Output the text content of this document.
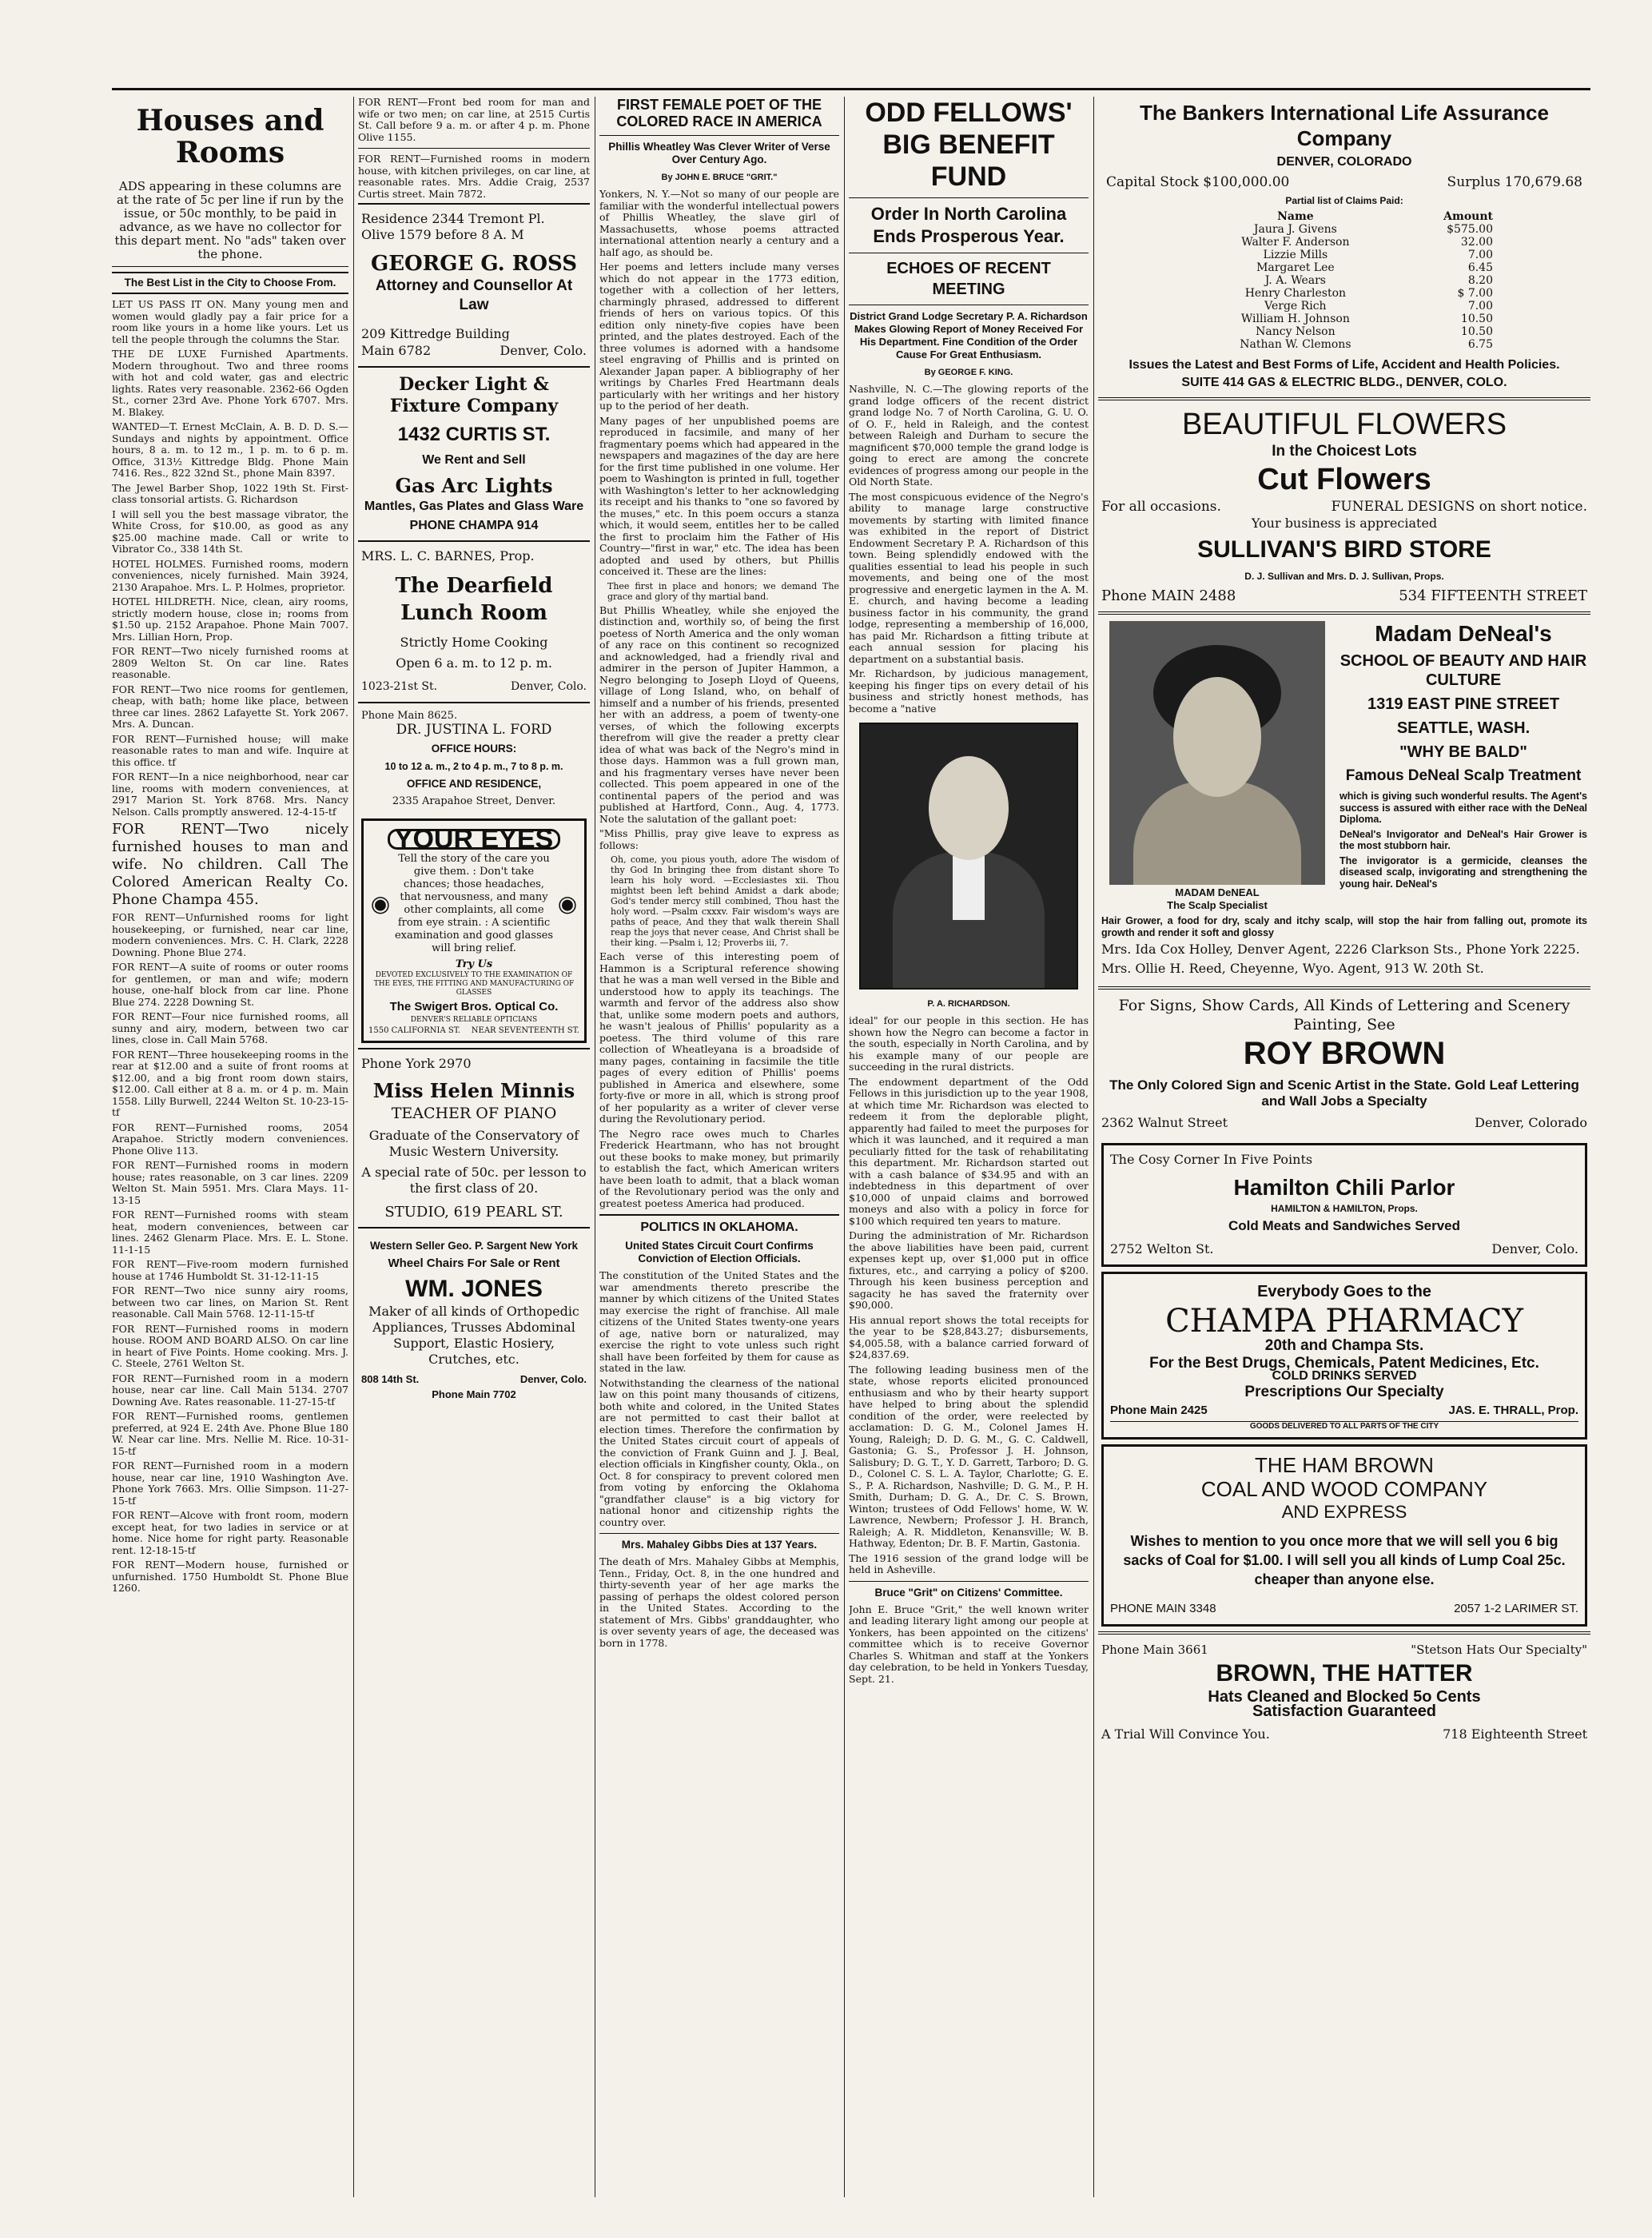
Houses and Rooms

ADS appearing in these columns are at the rate of 5c per line if run by the issue, or 50c monthly, to be paid in advance, as we have no collector for this depart ment. No "ads" taken over the phone.

The Best List in the City to Choose From.

LET US PASS IT ON. Many young men and women would gladly pay a fair price for a room like yours in a home like yours. Let us tell the people through the columns the Star.

THE DE LUXE Furnished Apartments. Modern throughout. Two and three rooms with hot and cold water, gas and electric lights. Rates very reasonable. 2362-66 Ogden St., corner 23rd Ave. Phone York 6707. Mrs. M. Blakey.

WANTED—T. Ernest McClain, A. B. D. D. S.—Sundays and nights by appointment. Office hours, 8 a. m. to 12 m., 1 p. m. to 6 p. m. Office, 313½ Kittredge Bldg. Phone Main 7416. Res., 822 32nd St., phone Main 8397.

The Jewel Barber Shop, 1022 19th St. First-class tonsorial artists. G. Richardson

I will sell you the best massage vibrator, the White Cross, for $10.00, as good as any $25.00 machine made. Call or write to Vibrator Co., 338 14th St.

HOTEL HOLMES. Furnished rooms, modern conveniences, nicely furnished. Main 3924, 2130 Arapahoe. Mrs. L. P. Holmes, proprietor.

HOTEL HILDRETH. Nice, clean, airy rooms, strictly modern house, close in; rooms from $1.50 up. 2152 Arapahoe. Phone Main 7007. Mrs. Lillian Horn, Prop.

FOR RENT—Two nicely furnished rooms at 2809 Welton St. On car line. Rates reasonable.

FOR RENT—Two nice rooms for gentlemen, cheap, with bath; home like place, between three car lines. 2862 Lafayette St. York 2067. Mrs. A. Duncan.

FOR RENT—Furnished house; will make reasonable rates to man and wife. Inquire at this office. tf

FOR RENT—In a nice neighborhood, near car line, rooms with modern conveniences, at 2917 Marion St. York 8768. Mrs. Nancy Nelson. Calls promptly answered. 12-4-15-tf

FOR RENT—Two nicely furnished houses to man and wife. No children. Call The Colored American Realty Co. Phone Champa 455.

FOR RENT—Unfurnished rooms for light housekeeping, or furnished, near car line, modern conveniences. Mrs. C. H. Clark, 2228 Downing. Phone Blue 274.

FOR RENT—A suite of rooms or outer rooms for gentlemen, or man and wife; modern house, one-half block from car line. Phone Blue 274. 2228 Downing St.

FOR RENT—Four nice furnished rooms, all sunny and airy, modern, between two car lines, close in. Call Main 5768.

FOR RENT—Three housekeeping rooms in the rear at $12.00 and a suite of front rooms at $12.00, and a big front room down stairs, $12.00. Call either at 8 a. m. or 4 p. m. Main 1558. Lilly Burwell, 2244 Welton St. 10-23-15-tf

FOR RENT—Furnished rooms, 2054 Arapahoe. Strictly modern conveniences. Phone Olive 113.

FOR RENT—Furnished rooms in modern house; rates reasonable, on 3 car lines. 2209 Welton St. Main 5951. Mrs. Clara Mays. 11-13-15

FOR RENT—Furnished rooms with steam heat, modern conveniences, between car lines. 2462 Glenarm Place. Mrs. E. L. Stone. 11-1-15

FOR RENT—Five-room modern furnished house at 1746 Humboldt St. 31-12-11-15

FOR RENT—Two nice sunny airy rooms, between two car lines, on Marion St. Rent reasonable. Call Main 5768. 12-11-15-tf

FOR RENT—Furnished rooms in modern house. ROOM AND BOARD ALSO. On car line in heart of Five Points. Home cooking. Mrs. J. C. Steele, 2761 Welton St.

FOR RENT—Furnished room in a modern house, near car line. Call Main 5134. 2707 Downing Ave. Rates reasonable. 11-27-15-tf

FOR RENT—Furnished rooms, gentlemen preferred, at 924 E. 24th Ave. Phone Blue 180 W. Near car line. Mrs. Nellie M. Rice. 10-31-15-tf

FOR RENT—Furnished room in a modern house, near car line, 1910 Washington Ave. Phone York 7663. Mrs. Ollie Simpson. 11-27-15-tf

FOR RENT—Alcove with front room, modern except heat, for two ladies in service or at home. Nice home for right party. Reasonable rent. 12-18-15-tf

FOR RENT—Modern house, furnished or unfurnished. 1750 Humboldt St. Phone Blue 1260.

FOR RENT—Front bed room for man and wife or two men; on car line, at 2515 Curtis St. Call before 9 a. m. or after 4 p. m. Phone Olive 1155.

FOR RENT—Furnished rooms in modern house, with kitchen privileges, on car line, at reasonable rates. Mrs. Addie Craig, 2537 Curtis street. Main 7872.

Residence 2344 Tremont Pl.
Olive 1579 before 8 A. M
GEORGE G. ROSS
Attorney and Counsellor At Law
209 Kittredge Building
Main 6782	Denver, Colo.
Decker Light & Fixture Company
1432 CURTIS ST.
We Rent and Sell
Gas Arc Lights
Mantles, Gas Plates and Glass Ware
PHONE CHAMPA 914
MRS. L. C. BARNES, Prop.
The Dearfield Lunch Room
Strictly Home Cooking
Open 6 a. m. to 12 p. m.
1023-21st St.	Denver, Colo.
Phone Main 8625.
DR. JUSTINA L. FORD
OFFICE HOURS:
10 to 12 a. m., 2 to 4 p. m., 7 to 8 p. m.
OFFICE AND RESIDENCE,
2335 Arapahoe Street, Denver.
YOUR EYES
◉
Tell the story of the care you give them. : Don't take chances; those headaches, that nervousness, and many other complaints, all come from eye strain. : A scientific examination and good glasses will bring relief.
◉
Try Us
DEVOTED EXCLUSIVELY TO THE EXAMINATION OF THE EYES, THE FITTING AND MANUFACTURING OF GLASSES
The Swigert Bros. Optical Co.
DENVER'S RELIABLE OPTICIANS
1550 CALIFORNIA ST. NEAR SEVENTEENTH ST.
Phone York 2970
Miss Helen Minnis
TEACHER OF PIANO
Graduate of the Conservatory of Music Western University.
A special rate of 50c. per lesson to the first class of 20.
STUDIO, 619 PEARL ST.
Western Seller Geo. P. Sargent New York
Wheel Chairs For Sale or Rent
WM. JONES
Maker of all kinds of Orthopedic Appliances, Trusses Abdominal Support, Elastic Hosiery, Crutches, etc.
808 14th St.	Denver, Colo.
Phone Main 7702
FIRST FEMALE POET OF THE COLORED RACE IN AMERICA
Phillis Wheatley Was Clever Writer of Verse Over Century Ago.
By JOHN E. BRUCE "GRIT."

Yonkers, N. Y.—Not so many of our people are familiar with the wonderful intellectual powers of Phillis Wheatley, the slave girl of Massachusetts, whose poems attracted international attention nearly a century and a half ago, as should be.

Her poems and letters include many verses which do not appear in the 1773 edition, together with a collection of her letters, charmingly phrased, addressed to different friends of hers on various topics. Of this edition only ninety-five copies have been printed, and the plates destroyed. Each of the three volumes is adorned with a handsome steel engraving of Phillis and is printed on Alexander Japan paper. A bibliography of her writings by Charles Fred Heartmann deals particularly with her writings and her history up to the period of her death.

Many pages of her unpublished poems are reproduced in facsimile, and many of her fragmentary poems which had appeared in the newspapers and magazines of the day are here for the first time published in one volume. Her poem to Washington is printed in full, together with Washington's letter to her acknowledging its receipt and his thanks to "one so favored by the muses," etc. In this poem occurs a stanza which, it would seem, entitles her to be called the first to proclaim him the Father of His Country—"first in war," etc. The idea has been adopted and used by others, but Phillis conceived it. These are the lines:

Thee first in place and honors; we demand The grace and glory of thy martial band.

But Phillis Wheatley, while she enjoyed the distinction and, worthily so, of being the first poetess of North America and the only woman of any race on this continent so recognized and acknowledged, had a friendly rival and admirer in the person of Jupiter Hammon, a Negro belonging to Joseph Lloyd of Queens, village of Long Island, who, on behalf of himself and a number of his friends, presented her with an address, a poem of twenty-one verses, of which the following excerpts therefrom will give the reader a pretty clear idea of what was back of the Negro's mind in those days. Hammon was a full grown man, and his fragmentary verses have never been collected. This poem appeared in one of the continental papers of the period and was published at Hartford, Conn., Aug. 4, 1773. Note the salutation of the gallant poet:

"Miss Phillis, pray give leave to express as follows:

Oh, come, you pious youth, adore The wisdom of thy God In bringing thee from distant shore To learn his holy word. —Ecclesiastes xii. Thou mightst been left behind Amidst a dark abode; God's tender mercy still combined, Thou hast the holy word. —Psalm cxxxv. Fair wisdom's ways are paths of peace, And they that walk therein Shall reap the joys that never cease, And Christ shall be their king. —Psalm i, 12; Proverbs iii, 7.

Each verse of this interesting poem of Hammon is a Scriptural reference showing that he was a man well versed in the Bible and understood how to apply its teachings. The warmth and fervor of the address also show that, unlike some modern poets and authors, he wasn't jealous of Phillis' popularity as a poetess. The third volume of this rare collection of Wheatleyana is a broadside of many pages, containing in facsimile the title pages of every edition of Phillis' poems published in America and elsewhere, some forty-five or more in all, which is strong proof of her popularity as a writer of clever verse during the Revolutionary period.

The Negro race owes much to Charles Frederick Heartmann, who has not brought out these books to make money, but primarily to establish the fact, which American writers have been loath to admit, that a black woman of the Revolutionary period was the only and greatest poetess America had produced.

POLITICS IN OKLAHOMA.
United States Circuit Court Confirms Conviction of Election Officials.

The constitution of the United States and the war amendments thereto prescribe the manner by which citizens of the United States may exercise the right of franchise. All male citizens of the United States twenty-one years of age, native born or naturalized, may exercise the right to vote unless such right shall have been forfeited by them for cause as stated in the law.

Notwithstanding the clearness of the national law on this point many thousands of citizens, both white and colored, in the United States are not permitted to cast their ballot at election times. Therefore the confirmation by the United States circuit court of appeals of the conviction of Frank Guinn and J. J. Beal, election officials in Kingfisher county, Okla., on Oct. 8 for conspiracy to prevent colored men from voting by enforcing the Oklahoma "grandfather clause" is a big victory for national honor and citizenship rights the country over.

Mrs. Mahaley Gibbs Dies at 137 Years.

The death of Mrs. Mahaley Gibbs at Memphis, Tenn., Friday, Oct. 8, in the one hundred and thirty-seventh year of her age marks the passing of perhaps the oldest colored person in the United States. According to the statement of Mrs. Gibbs' granddaughter, who is over seventy years of age, the deceased was born in 1778.

ODD FELLOWS' BIG BENEFIT FUND
Order In North Carolina Ends Prosperous Year.
ECHOES OF RECENT MEETING
District Grand Lodge Secretary P. A. Richardson Makes Glowing Report of Money Received For His Department. Fine Condition of the Order Cause For Great Enthusiasm.
By GEORGE F. KING.

Nashville, N. C.—The glowing reports of the grand lodge officers of the recent district grand lodge No. 7 of North Carolina, G. U. O. of O. F., held in Raleigh, and the contest between Raleigh and Durham to secure the magnificent $70,000 temple the grand lodge is going to erect are among the concrete evidences of progress among our people in the Old North State.

The most conspicuous evidence of the Negro's ability to manage large constructive movements by starting with limited finance was exhibited in the report of District Endowment Secretary P. A. Richardson of this town. Being splendidly endowed with the qualities essential to lead his people in such movements, and being one of the most progressive and energetic laymen in the A. M. E. church, and having become a leading business factor in his community, the grand lodge, representing a membership of 16,000, has paid Mr. Richardson a fitting tribute at each annual session for placing his department on a substantial basis.

Mr. Richardson, by judicious management, keeping his finger tips on every detail of his business and strictly honest methods, has become a "native

P. A. RICHARDSON.

ideal" for our people in this section. He has shown how the Negro can become a factor in the south, especially in North Carolina, and by his example many of our people are succeeding in the rural districts.

The endowment department of the Odd Fellows in this jurisdiction up to the year 1908, at which time Mr. Richardson was elected to redeem it from the deplorable plight, apparently had failed to meet the purposes for which it was launched, and it required a man peculiarly fitted for the task of rehabilitating this department. Mr. Richardson started out with a cash balance of $34.95 and with an indebtedness in this department of over $10,000 of unpaid claims and borrowed moneys and also with a policy in force for $100 which required ten years to mature.

During the administration of Mr. Richardson the above liabilities have been paid, current expenses kept up, over $1,000 put in office fixtures, etc., and carrying a policy of $200. Through his keen business perception and sagacity he has saved the fraternity over $90,000.

His annual report shows the total receipts for the year to be $28,843.27; disbursements, $4,005.58, with a balance carried forward of $24,837.69.

The following leading business men of the state, whose reports elicited pronounced enthusiasm and who by their hearty support have helped to bring about the splendid condition of the order, were reelected by acclamation: D. G. M., Colonel James H. Young, Raleigh; D. D. G. M., G. C. Caldwell, Gastonia; G. S., Professor J. H. Johnson, Salisbury; D. G. T., Y. D. Garrett, Tarboro; D. G. D., Colonel C. S. L. A. Taylor, Charlotte; G. E. S., P. A. Richardson, Nashville; D. G. M., P. H. Smith, Durham; D. G. A., Dr. C. S. Brown, Winton; trustees of Odd Fellows' home, W. W. Lawrence, Newbern; Professor J. H. Branch, Raleigh; A. R. Middleton, Kenansville; W. B. Hathway, Edenton; Dr. B. F. Martin, Gastonia.

The 1916 session of the grand lodge will be held in Asheville.

Bruce "Grit" on Citizens' Committee.

John E. Bruce "Grit," the well known writer and leading literary light among our people at Yonkers, has been appointed on the citizens' committee which is to receive Governor Charles S. Whitman and staff at the Yonkers day celebration, to be held in Yonkers Tuesday, Sept. 21.

The Bankers International Life Assurance Company
DENVER, COLORADO
Capital Stock $100,000.00	Surplus 170,679.68
Partial list of Claims Paid:
Name	Amount
Jaura J. Givens	$575.00
Walter F. Anderson	32.00
Lizzie Mills	7.00
Margaret Lee	6.45
J. A. Wears	8.20
Henry Charleston	$ 7.00
Verge Rich	7.00
William H. Johnson	10.50
Nancy Nelson	10.50
Nathan W. Clemons	6.75
Issues the Latest and Best Forms of Life, Accident and Health Policies.
SUITE 414 GAS & ELECTRIC BLDG., DENVER, COLO.
BEAUTIFUL FLOWERS
In the Choicest Lots
Cut Flowers
For all occasions.	FUNERAL DESIGNS on short notice.
Your business is appreciated
SULLIVAN'S BIRD STORE
D. J. Sullivan and Mrs. D. J. Sullivan, Props.
Phone MAIN 2488	534 FIFTEENTH STREET
MADAM DeNEAL
The Scalp Specialist
Madam DeNeal's
SCHOOL OF BEAUTY AND HAIR CULTURE
1319 EAST PINE STREET
SEATTLE, WASH.
"WHY BE BALD"
Famous DeNeal Scalp Treatment

which is giving such wonderful results. The Agent's success is assured with either race with the DeNeal Diploma.

DeNeal's Invigorator and DeNeal's Hair Grower is the most stubborn hair.

The invigorator is a germicide, cleanses the diseased scalp, invigorating and strengthening the young hair. DeNeal's

Hair Grower, a food for dry, scaly and itchy scalp, will stop the hair from falling out, promote its growth and render it soft and glossy

Mrs. Ida Cox Holley, Denver Agent, 2226 Clarkson Sts., Phone York 2225.

Mrs. Ollie H. Reed, Cheyenne, Wyo. Agent, 913 W. 20th St.

For Signs, Show Cards, All Kinds of Lettering and Scenery Painting, See
ROY BROWN
The Only Colored Sign and Scenic Artist in the State. Gold Leaf Lettering and Wall Jobs a Specialty
2362 Walnut Street	Denver, Colorado
The Cosy Corner In Five Points
Hamilton Chili Parlor
HAMILTON & HAMILTON, Props.
Cold Meats and Sandwiches Served
2752 Welton St.	Denver, Colo.
Everybody Goes to the
CHAMPA PHARMACY
20th and Champa Sts.
For the Best Drugs, Chemicals, Patent Medicines, Etc.
COLD DRINKS SERVED
Prescriptions Our Specialty
Phone Main 2425	JAS. E. THRALL, Prop.
GOODS DELIVERED TO ALL PARTS OF THE CITY
THE HAM BROWN
COAL AND WOOD COMPANY
AND EXPRESS
Wishes to mention to you once more that we will sell you 6 big sacks of Coal for $1.00. I will sell you all kinds of Lump Coal 25c. cheaper than anyone else.
PHONE MAIN 3348	2057 1-2 LARIMER ST.
Phone Main 3661	"Stetson Hats Our Specialty"
BROWN, THE HATTER
Hats Cleaned and Blocked 5o Cents
Satisfaction Guaranteed
A Trial Will Convince You.	718 Eighteenth Street
